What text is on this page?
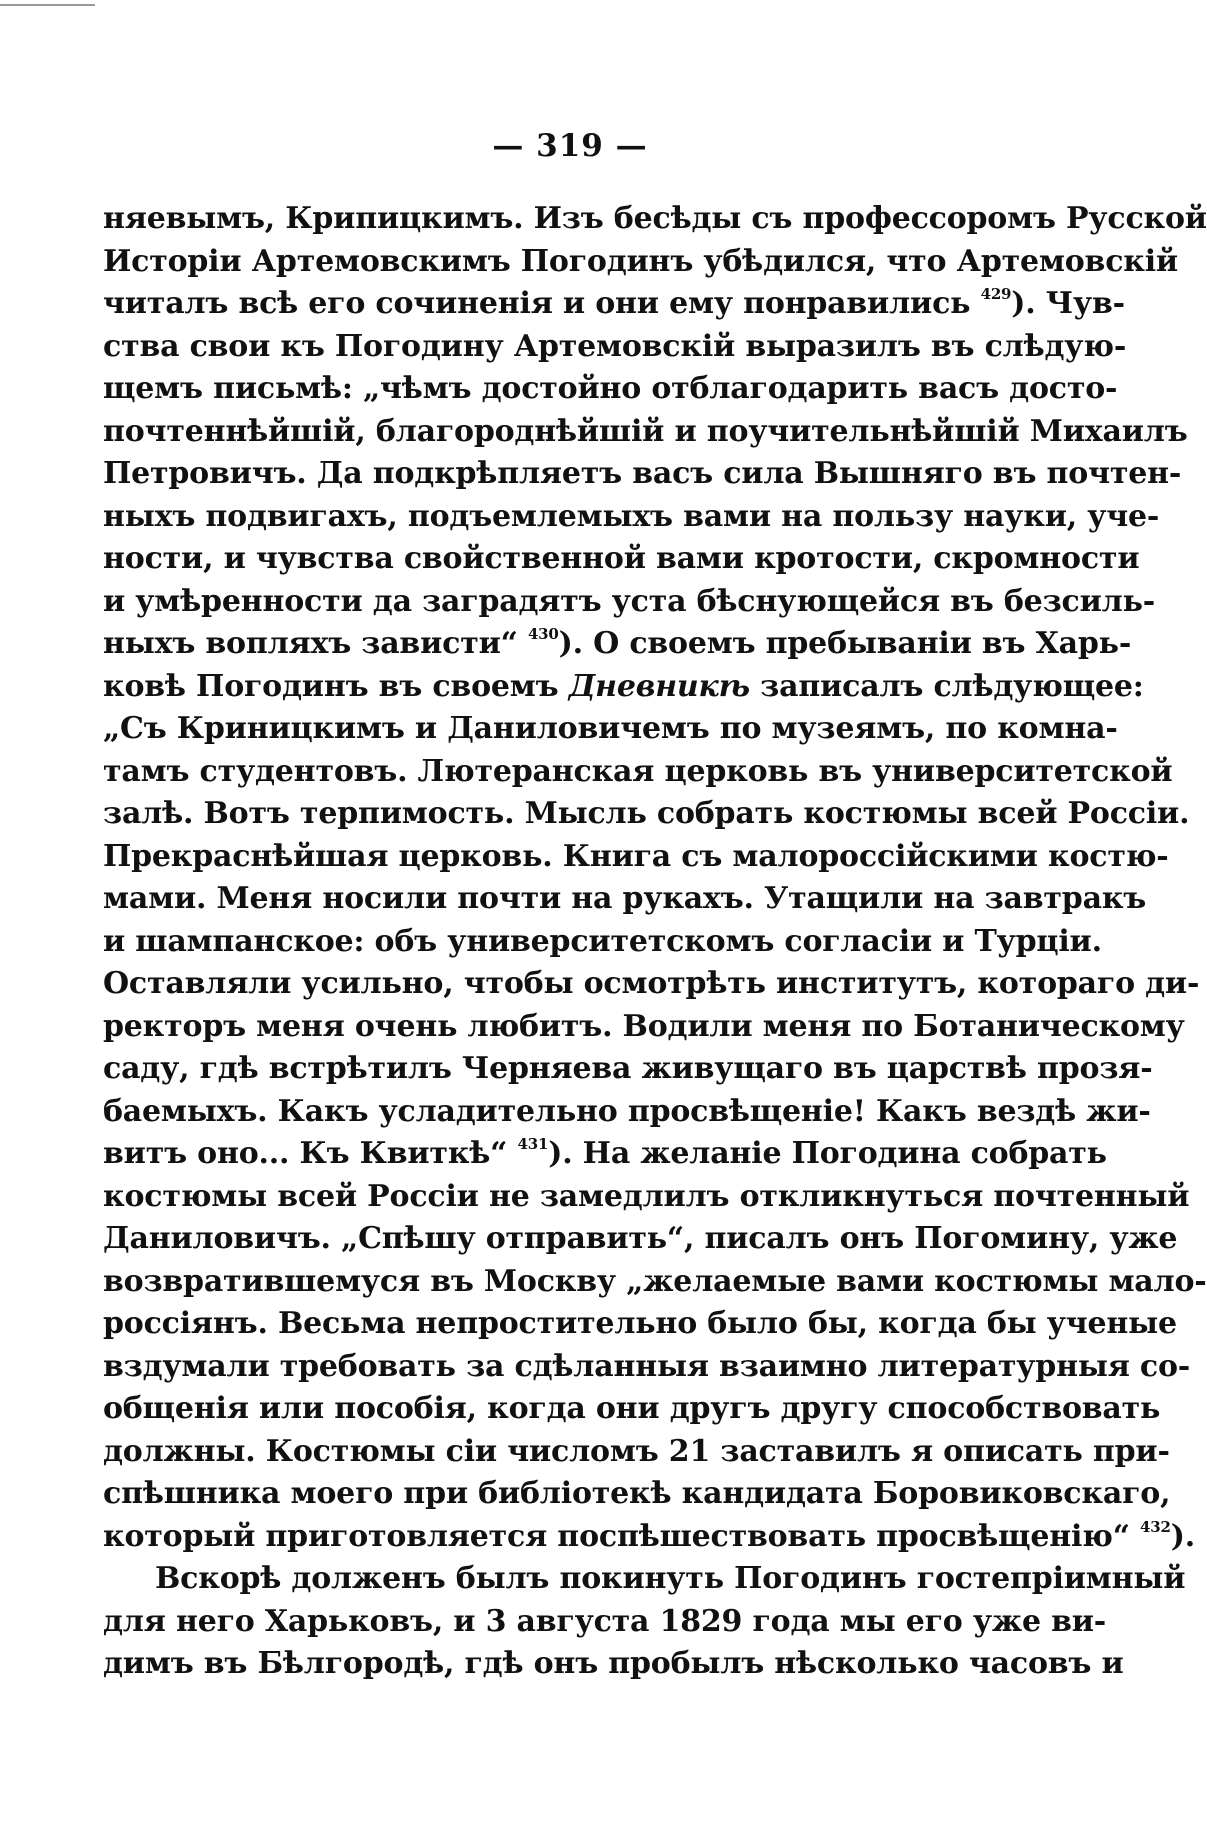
— 319 —
няевымъ, Крипицкимъ. Изъ бесѣды съ профессоромъ Русской
Исторіи Артемовскимъ Погодинъ убѣдился, что Артемовскій
читалъ всѣ его сочиненія и они ему понравились $^{429}$). Чув-
ства свои къ Погодину Артемовскій выразилъ въ слѣдую-
щемъ письмѣ: „чѣмъ достойно отблагодарить васъ досто-
почтеннѣйшій, благороднѣйшій и поучительнѣйшій Михаилъ
Петровичъ. Да подкрѣпляетъ васъ сила Вышняго въ почтен-
ныхъ подвигахъ, подъемлемыхъ вами на пользу науки, уче-
ности, и чувства свойственной вами кротости, скромности
и умѣренности да заградятъ уста бѣснующейся въ безсиль-
ныхъ вопляхъ зависти“ $^{430}$). О своемъ пребываніи въ Харь-
ковѣ Погодинъ въ своемъ Дневникѣ записалъ слѣдующее:
„Съ Криницкимъ и Даниловичемъ по музеямъ, по комна-
тамъ студентовъ. Лютеранская церковь въ университетской
залѣ. Вотъ терпимость. Мысль собрать костюмы всей Россіи.
Прекраснѣйшая церковь. Книга съ малороссійскими костю-
мами. Меня носили почти на рукахъ. Утащили на завтракъ
и шампанское: объ университетскомъ согласіи и Турціи.
Оставляли усильно, чтобы осмотрѣть институтъ, котораго ди-
ректоръ меня очень любитъ. Водили меня по Ботаническому
саду, гдѣ встрѣтилъ Черняева живущаго въ царствѣ прозя-
баемыхъ. Какъ усладительно просвѣщеніе! Какъ вездѣ жи-
витъ оно... Къ Квиткѣ“ $^{431}$). На желаніе Погодина собрать
костюмы всей Россіи не замедлилъ откликнуться почтенный
Даниловичъ. „Спѣшу отправить“, писалъ онъ Погомину, уже
возвратившемуся въ Москву „желаемые вами костюмы мало-
россіянъ. Весьма непростительно было бы, когда бы ученые
вздумали требовать за сдѣланныя взаимно литературныя со-
общенія или пособія, когда они другъ другу способствовать
должны. Костюмы сіи числомъ 21 заставилъ я описать при-
спѣшника моего при библіотекѣ кандидата Боровиковскаго,
который приготовляется поспѣшествовать просвѣщенію“ $^{432}$).
Вскорѣ долженъ былъ покинуть Погодинъ гостепріимный
для него Харьковъ, и 3 августа 1829 года мы его уже ви-
димъ въ Бѣлгородѣ, гдѣ онъ пробылъ нѣсколько часовъ и
